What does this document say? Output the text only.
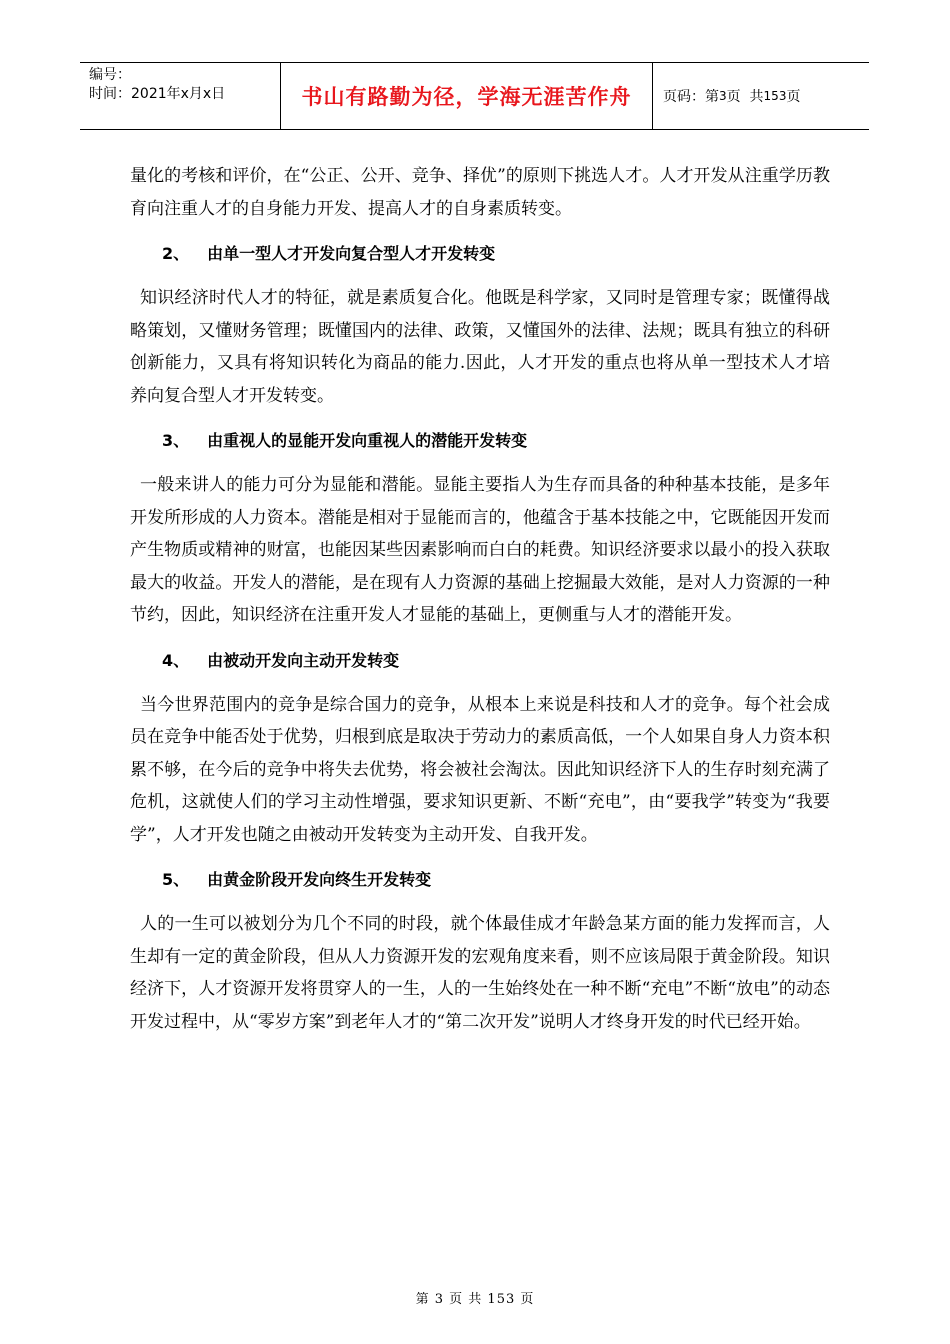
编号：
时间：2021年x月x日	书山有路勤为径，学海无涯苦作舟	页码：第 3 页  共 153 页

量化的考核和评价，在“公正、公开、竞争、择优”的原则下挑选人才。人才开发从注重学历教育向注重人才的自身能力开发、提高人才的自身素质转变。

2、 由单一型人才开发向复合型人才开发转变

知识经济时代人才的特征，就是素质复合化。他既是科学家，又同时是管理专家；既懂得战略策划，又懂财务管理；既懂国内的法律、政策，又懂国外的法律、法规；既具有独立的科研创新能力，又具有将知识转化为商品的能力.因此，人才开发的重点也将从单一型技术人才培养向复合型人才开发转变。

3、 由重视人的显能开发向重视人的潜能开发转变

一般来讲人的能力可分为显能和潜能。显能主要指人为生存而具备的种种基本技能，是多年开发所形成的人力资本。潜能是相对于显能而言的，他蕴含于基本技能之中，它既能因开发而产生物质或精神的财富，也能因某些因素影响而白白的耗费。知识经济要求以最小的投入获取最大的收益。开发人的潜能，是在现有人力资源的基础上挖掘最大效能，是对人力资源的一种节约，因此，知识经济在注重开发人才显能的基础上，更侧重与人才的潜能开发。

4、 由被动开发向主动开发转变

当今世界范围内的竞争是综合国力的竞争，从根本上来说是科技和人才的竞争。每个社会成员在竞争中能否处于优势，归根到底是取决于劳动力的素质高低，一个人如果自身人力资本积累不够，在今后的竞争中将失去优势，将会被社会淘汰。因此知识经济下人的生存时刻充满了危机，这就使人们的学习主动性增强，要求知识更新、不断“充电”，由“要我学”转变为“我要学”，人才开发也随之由被动开发转变为主动开发、自我开发。

5、 由黄金阶段开发向终生开发转变

人的一生可以被划分为几个不同的时段，就个体最佳成才年龄急某方面的能力发挥而言，人生却有一定的黄金阶段，但从人力资源开发的宏观角度来看，则不应该局限于黄金阶段。知识经济下，人才资源开发将贯穿人的一生，人的一生始终处在一种不断“充电”不断“放电”的动态开发过程中，从“零岁方案”到老年人才的“第二次开发”说明人才终身开发的时代已经开始。

第 3 页 共 153 页
